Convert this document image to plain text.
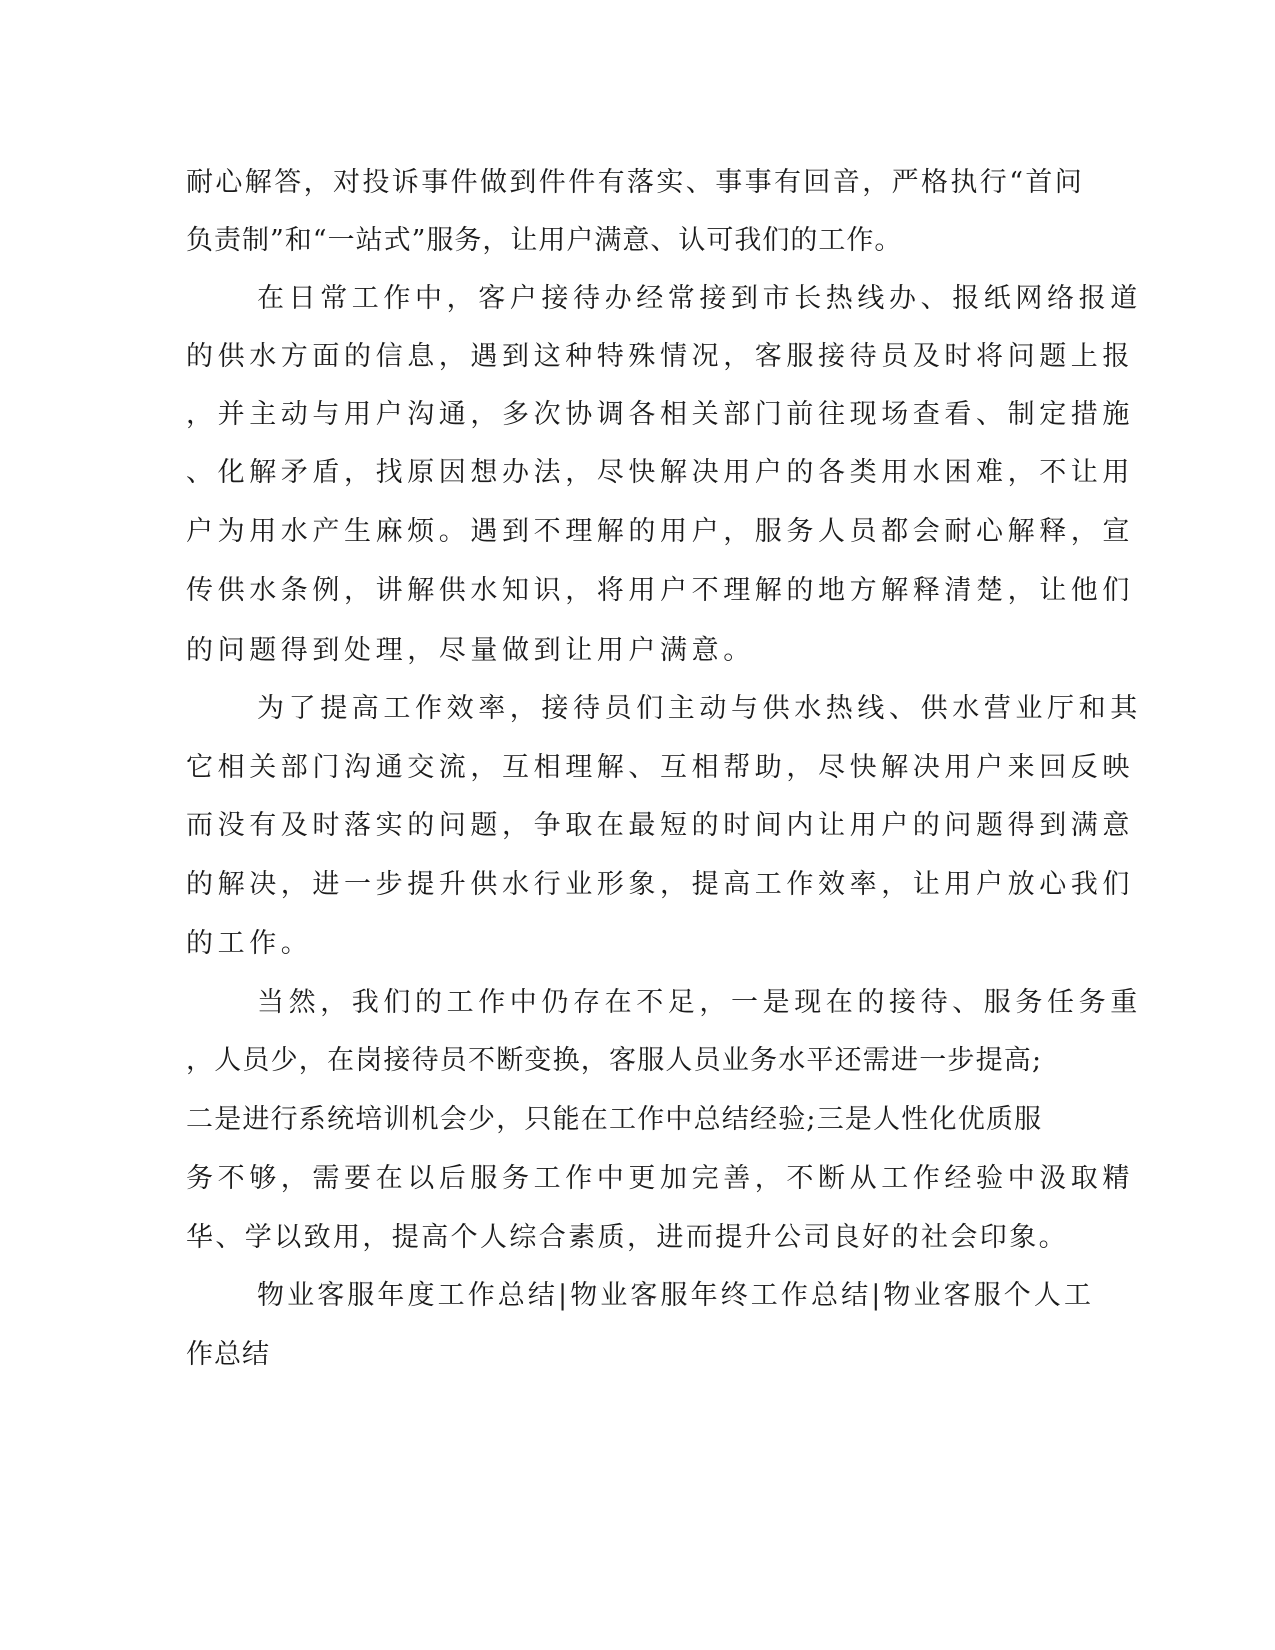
耐心解答，对投诉事件做到件件有落实、事事有回音，严格执行“首问

负责制”和“一站式”服务，让用户满意、认可我们的工作。

在日常工作中，客户接待办经常接到市长热线办、报纸网络报道

的供水方面的信息，遇到这种特殊情况，客服接待员及时将问题上报

，并主动与用户沟通，多次协调各相关部门前往现场查看、制定措施

、化解矛盾，找原因想办法，尽快解决用户的各类用水困难，不让用

户为用水产生麻烦。遇到不理解的用户，服务人员都会耐心解释，宣

传供水条例，讲解供水知识，将用户不理解的地方解释清楚，让他们

的问题得到处理，尽量做到让用户满意。

为了提高工作效率，接待员们主动与供水热线、供水营业厅和其

它相关部门沟通交流，互相理解、互相帮助，尽快解决用户来回反映

而没有及时落实的问题，争取在最短的时间内让用户的问题得到满意

的解决，进一步提升供水行业形象，提高工作效率，让用户放心我们

的工作。

当然，我们的工作中仍存在不足，一是现在的接待、服务任务重

，人员少，在岗接待员不断变换，客服人员业务水平还需进一步提高;

二是进行系统培训机会少，只能在工作中总结经验;三是人性化优质服

务不够，需要在以后服务工作中更加完善，不断从工作经验中汲取精

华、学以致用，提高个人综合素质，进而提升公司良好的社会印象。

物业客服年度工作总结|物业客服年终工作总结|物业客服个人工

作总结
